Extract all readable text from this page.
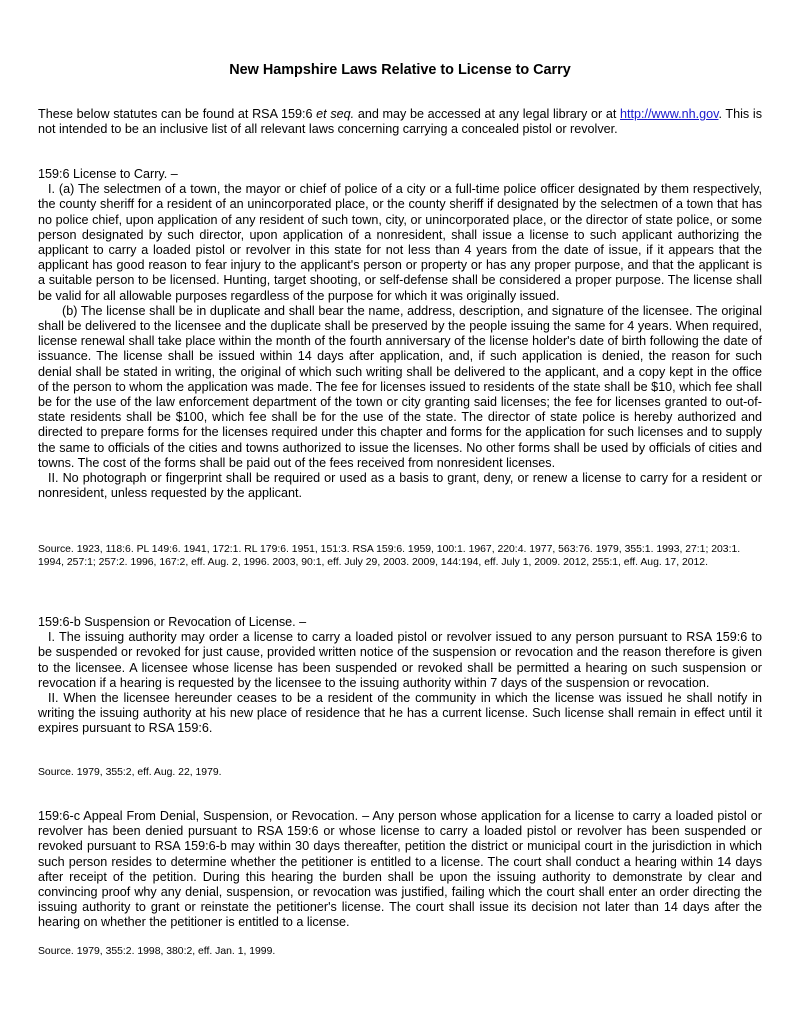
New Hampshire Laws Relative to License to Carry

These below statutes can be found at RSA 159:6 et seq. and may be accessed at any legal library or at http://www.nh.gov. This is not intended to be an inclusive list of all relevant laws concerning carrying a concealed pistol or revolver.

159:6 License to Carry. –

I. (a) The selectmen of a town, the mayor or chief of police of a city or a full-time police officer designated by them respectively, the county sheriff for a resident of an unincorporated place, or the county sheriff if designated by the selectmen of a town that has no police chief, upon application of any resident of such town, city, or unincorporated place, or the director of state police, or some person designated by such director, upon application of a nonresident, shall issue a license to such applicant authorizing the applicant to carry a loaded pistol or revolver in this state for not less than 4 years from the date of issue, if it appears that the applicant has good reason to fear injury to the applicant's person or property or has any proper purpose, and that the applicant is a suitable person to be licensed. Hunting, target shooting, or self-defense shall be considered a proper purpose. The license shall be valid for all allowable purposes regardless of the purpose for which it was originally issued.

(b) The license shall be in duplicate and shall bear the name, address, description, and signature of the licensee. The original shall be delivered to the licensee and the duplicate shall be preserved by the people issuing the same for 4 years. When required, license renewal shall take place within the month of the fourth anniversary of the license holder's date of birth following the date of issuance. The license shall be issued within 14 days after application, and, if such application is denied, the reason for such denial shall be stated in writing, the original of which such writing shall be delivered to the applicant, and a copy kept in the office of the person to whom the application was made. The fee for licenses issued to residents of the state shall be $10, which fee shall be for the use of the law enforcement department of the town or city granting said licenses; the fee for licenses granted to out-of-state residents shall be $100, which fee shall be for the use of the state. The director of state police is hereby authorized and directed to prepare forms for the licenses required under this chapter and forms for the application for such licenses and to supply the same to officials of the cities and towns authorized to issue the licenses. No other forms shall be used by officials of cities and towns. The cost of the forms shall be paid out of the fees received from nonresident licenses.

II. No photograph or fingerprint shall be required or used as a basis to grant, deny, or renew a license to carry for a resident or nonresident, unless requested by the applicant.

Source. 1923, 118:6. PL 149:6. 1941, 172:1. RL 179:6. 1951, 151:3. RSA 159:6. 1959, 100:1. 1967, 220:4. 1977, 563:76. 1979, 355:1. 1993, 27:1; 203:1. 1994, 257:1; 257:2. 1996, 167:2, eff. Aug. 2, 1996. 2003, 90:1, eff. July 29, 2003. 2009, 144:194, eff. July 1, 2009. 2012, 255:1, eff. Aug. 17, 2012.

159:6-b Suspension or Revocation of License. –

I. The issuing authority may order a license to carry a loaded pistol or revolver issued to any person pursuant to RSA 159:6 to be suspended or revoked for just cause, provided written notice of the suspension or revocation and the reason therefore is given to the licensee. A licensee whose license has been suspended or revoked shall be permitted a hearing on such suspension or revocation if a hearing is requested by the licensee to the issuing authority within 7 days of the suspension or revocation.

II. When the licensee hereunder ceases to be a resident of the community in which the license was issued he shall notify in writing the issuing authority at his new place of residence that he has a current license. Such license shall remain in effect until it expires pursuant to RSA 159:6.

Source. 1979, 355:2, eff. Aug. 22, 1979.

159:6-c Appeal From Denial, Suspension, or Revocation. – Any person whose application for a license to carry a loaded pistol or revolver has been denied pursuant to RSA 159:6 or whose license to carry a loaded pistol or revolver has been suspended or revoked pursuant to RSA 159:6-b may within 30 days thereafter, petition the district or municipal court in the jurisdiction in which such person resides to determine whether the petitioner is entitled to a license. The court shall conduct a hearing within 14 days after receipt of the petition. During this hearing the burden shall be upon the issuing authority to demonstrate by clear and convincing proof why any denial, suspension, or revocation was justified, failing which the court shall enter an order directing the issuing authority to grant or reinstate the petitioner's license. The court shall issue its decision not later than 14 days after the hearing on whether the petitioner is entitled to a license.

Source. 1979, 355:2. 1998, 380:2, eff. Jan. 1, 1999.
